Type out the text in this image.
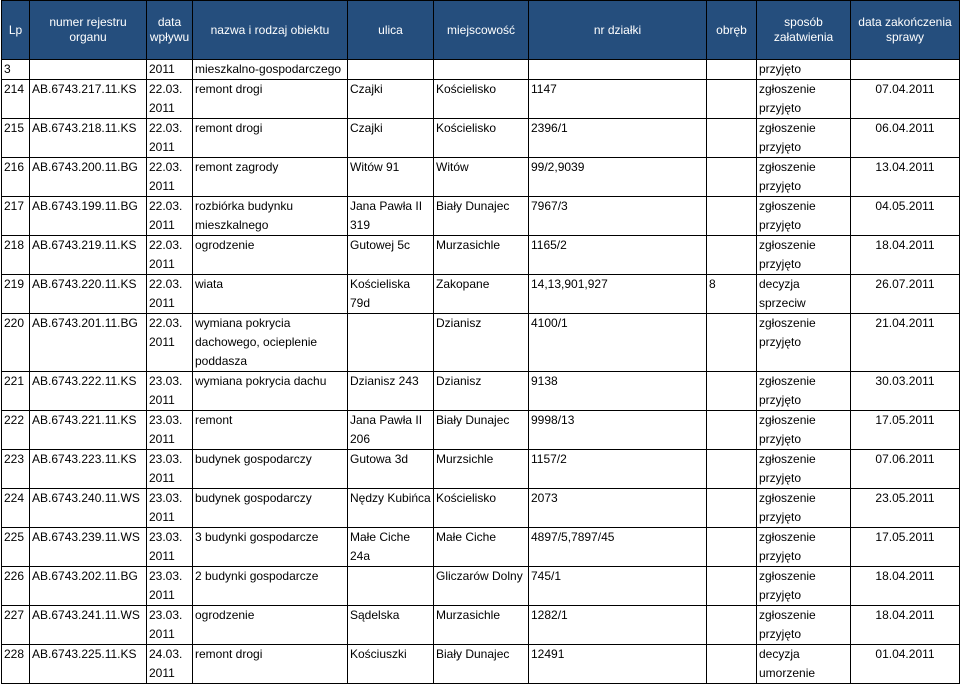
Lp	numer rejestru organu	data wpływu	nazwa i rodzaj obiektu	ulica	miejscowość	nr działki	obręb	sposób załatwienia	data zakończenia sprawy
3		2011	mieszkalno-gospodarczego					przyjęto	
214	AB.6743.217.11.KS	22.03. 2011	remont drogi	Czajki	Kościelisko	1147		zgłoszenie przyjęto	07.04.2011
215	AB.6743.218.11.KS	22.03. 2011	remont drogi	Czajki	Kościelisko	2396/1		zgłoszenie przyjęto	06.04.2011
216	AB.6743.200.11.BG	22.03. 2011	remont zagrody	Witów 91	Witów	99/2,9039		zgłoszenie przyjęto	13.04.2011
217	AB.6743.199.11.BG	22.03. 2011	rozbiórka budynku mieszkalnego	Jana Pawła II 319	Biały Dunajec	7967/3		zgłoszenie przyjęto	04.05.2011
218	AB.6743.219.11.KS	22.03. 2011	ogrodzenie	Gutowej 5c	Murzasichle	1165/2		zgłoszenie przyjęto	18.04.2011
219	AB.6743.220.11.KS	22.03. 2011	wiata	Kościeliska 79d	Zakopane	14,13,901,927	8	decyzja sprzeciw	26.07.2011
220	AB.6743.201.11.BG	22.03. 2011	wymiana pokrycia dachowego, ocieplenie poddasza		Dzianisz	4100/1		zgłoszenie przyjęto	21.04.2011
221	AB.6743.222.11.KS	23.03. 2011	wymiana pokrycia dachu	Dzianisz 243	Dzianisz	9138		zgłoszenie przyjęto	30.03.2011
222	AB.6743.221.11.KS	23.03. 2011	remont	Jana Pawła II 206	Biały Dunajec	9998/13		zgłoszenie przyjęto	17.05.2011
223	AB.6743.223.11.KS	23.03. 2011	budynek gospodarczy	Gutowa 3d	Murzsichle	1157/2		zgłoszenie przyjęto	07.06.2011
224	AB.6743.240.11.WS	23.03. 2011	budynek gospodarczy	Nędzy Kubińca	Kościelisko	2073		zgłoszenie przyjęto	23.05.2011
225	AB.6743.239.11.WS	23.03. 2011	3 budynki gospodarcze	Małe Ciche 24a	Małe Ciche	4897/5,7897/45		zgłoszenie przyjęto	17.05.2011
226	AB.6743.202.11.BG	23.03. 2011	2 budynki gospodarcze		Gliczarów Dolny	745/1		zgłoszenie przyjęto	18.04.2011
227	AB.6743.241.11.WS	23.03. 2011	ogrodzenie	Sądelska	Murzasichle	1282/1		zgłoszenie przyjęto	18.04.2011
228	AB.6743.225.11.KS	24.03. 2011	remont drogi	Kościuszki	Biały Dunajec	12491		decyzja umorzenie	01.04.2011
